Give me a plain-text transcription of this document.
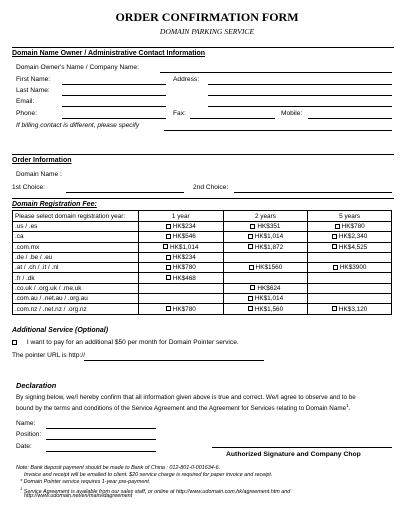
ORDER CONFIRMATION FORM
DOMAIN PARKING SERVICE
Domain Name Owner / Administrative Contact Information
Domain Owner's Name / Company Name:
First Name:	Address:
Last Name:
Email:
Phone:	Fax:	Mobile:
If billing contact is different, please specify
Order Information
Domain Name :
1st Choice:	2nd Choice:
Domain Registration Fee:
Please select domain registration year:	1 year	2 years	5 years
.us / .es	HK$234	HK$351	HK$780
.ca	HK$546	HK$1,014	HK$2,340
.com.mx	HK$1,014	HK$1,872	HK$4,525
.de / .be / .eu	HK$234		
.at / .ch / .it / .nl	HK$780	HK$1560	HK$3900
.fr / .dk	HK$468		
.co.uk / .org.uk / .me.uk		HK$624	
.com.au / .net.au / .org.au		HK$1,014	
.com.nz / .net.nz / .org.nz	HK$780	HK$1,560	HK$3,120
Additional Service (Optional)
I want to pay for an additional $50 per month for Domain Pointer service.
The pointer URL is http://
Declaration
By signing below, we/I hereby confirm that all information given above is true and correct. We/I agree to observe and to be
bound by the terms and conditions of the Service Agreement and the Agreement for Services relating to Domain Name$^1$.
Name:
Position:
Date:
Authorized Signature and Company Chop
Note: Bank deposit payment should be made to Bank of China : 012-801-0-001634-6.
Invoice and receipt will be emailed to client. $20 service charge is required for paper invoice and receipt.
* Domain Pointer service requires 1-year pre-payment.
$^1$ Service Agreement is available from our sales staff, or online at http://www.udomain.com.hk/agreement.htm and
http://www.udomain.net/en/main/idagreement
